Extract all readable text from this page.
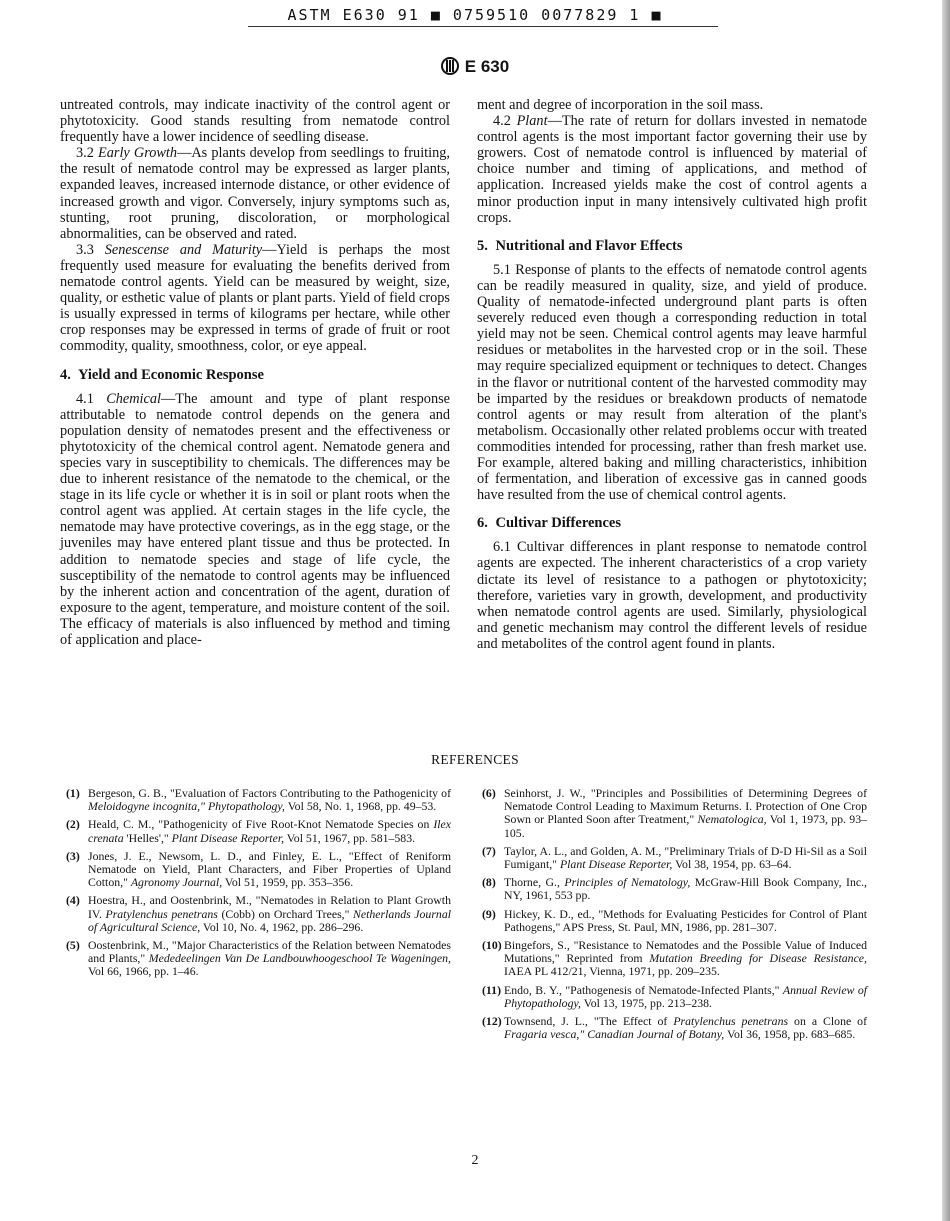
ASTM E630 91 ■ 0759510 0077829 1 ■
E 630

untreated controls, may indicate inactivity of the control agent or phytotoxicity. Good stands resulting from nematode control frequently have a lower incidence of seedling disease.

3.2 Early Growth—As plants develop from seedlings to fruiting, the result of nematode control may be expressed as larger plants, expanded leaves, increased internode distance, or other evidence of increased growth and vigor. Conversely, injury symptoms such as, stunting, root pruning, discoloration, or morphological abnormalities, can be observed and rated.

3.3 Senescense and Maturity—Yield is perhaps the most frequently used measure for evaluating the benefits derived from nematode control agents. Yield can be measured by weight, size, quality, or esthetic value of plants or plant parts. Yield of field crops is usually expressed in terms of kilograms per hectare, while other crop responses may be expressed in terms of grade of fruit or root commodity, quality, smoothness, color, or eye appeal.

4. Yield and Economic Response

4.1 Chemical—The amount and type of plant response attributable to nematode control depends on the genera and population density of nematodes present and the effectiveness or phytotoxicity of the chemical control agent. Nematode genera and species vary in susceptibility to chemicals. The differences may be due to inherent resistance of the nematode to the chemical, or the stage in its life cycle or whether it is in soil or plant roots when the control agent was applied. At certain stages in the life cycle, the nematode may have protective coverings, as in the egg stage, or the juveniles may have entered plant tissue and thus be protected. In addition to nematode species and stage of life cycle, the susceptibility of the nematode to control agents may be influenced by the inherent action and concentration of the agent, duration of exposure to the agent, temperature, and moisture content of the soil. The efficacy of materials is also influenced by method and timing of application and place-

ment and degree of incorporation in the soil mass.

4.2 Plant—The rate of return for dollars invested in nematode control agents is the most important factor governing their use by growers. Cost of nematode control is influenced by material of choice number and timing of applications, and method of application. Increased yields make the cost of control agents a minor production input in many intensively cultivated high profit crops.

5. Nutritional and Flavor Effects

5.1 Response of plants to the effects of nematode control agents can be readily measured in quality, size, and yield of produce. Quality of nematode-infected underground plant parts is often severely reduced even though a corresponding reduction in total yield may not be seen. Chemical control agents may leave harmful residues or metabolites in the harvested crop or in the soil. These may require specialized equipment or techniques to detect. Changes in the flavor or nutritional content of the harvested commodity may be imparted by the residues or breakdown products of nematode control agents or may result from alteration of the plant's metabolism. Occasionally other related problems occur with treated commodities intended for processing, rather than fresh market use. For example, altered baking and milling characteristics, inhibition of fermentation, and liberation of excessive gas in canned goods have resulted from the use of chemical control agents.

6. Cultivar Differences

6.1 Cultivar differences in plant response to nematode control agents are expected. The inherent characteristics of a crop variety dictate its level of resistance to a pathogen or phytotoxicity; therefore, varieties vary in growth, development, and productivity when nematode control agents are used. Similarly, physiological and genetic mechanism may control the different levels of residue and metabolites of the control agent found in plants.

REFERENCES
(1) Bergeson, G. B., "Evaluation of Factors Contributing to the Pathogenicity of Meloidogyne incognita," Phytopathology, Vol 58, No. 1, 1968, pp. 49–53.
(2) Heald, C. M., "Pathogenicity of Five Root-Knot Nematode Species on Ilex crenata 'Helles'," Plant Disease Reporter, Vol 51, 1967, pp. 581–583.
(3) Jones, J. E., Newsom, L. D., and Finley, E. L., "Effect of Reniform Nematode on Yield, Plant Characters, and Fiber Properties of Upland Cotton," Agronomy Journal, Vol 51, 1959, pp. 353–356.
(4) Hoestra, H., and Oostenbrink, M., "Nematodes in Relation to Plant Growth IV. Pratylenchus penetrans (Cobb) on Orchard Trees," Netherlands Journal of Agricultural Science, Vol 10, No. 4, 1962, pp. 286–296.
(5) Oostenbrink, M., "Major Characteristics of the Relation between Nematodes and Plants," Mededeelingen Van De Landbouwhoogeschool Te Wageningen, Vol 66, 1966, pp. 1–46.
(6) Seinhorst, J. W., "Principles and Possibilities of Determining Degrees of Nematode Control Leading to Maximum Returns. I. Protection of One Crop Sown or Planted Soon after Treatment," Nematologica, Vol 1, 1973, pp. 93–105.
(7) Taylor, A. L., and Golden, A. M., "Preliminary Trials of D-D Hi-Sil as a Soil Fumigant," Plant Disease Reporter, Vol 38, 1954, pp. 63–64.
(8) Thorne, G., Principles of Nematology, McGraw-Hill Book Company, Inc., NY, 1961, 553 pp.
(9) Hickey, K. D., ed., "Methods for Evaluating Pesticides for Control of Plant Pathogens," APS Press, St. Paul, MN, 1986, pp. 281–307.
(10) Bingefors, S., "Resistance to Nematodes and the Possible Value of Induced Mutations," Reprinted from Mutation Breeding for Disease Resistance, IAEA PL 412/21, Vienna, 1971, pp. 209–235.
(11) Endo, B. Y., "Pathogenesis of Nematode-Infected Plants," Annual Review of Phytopathology, Vol 13, 1975, pp. 213–238.
(12) Townsend, J. L., "The Effect of Pratylenchus penetrans on a Clone of Fragaria vesca," Canadian Journal of Botany, Vol 36, 1958, pp. 683–685.
2
